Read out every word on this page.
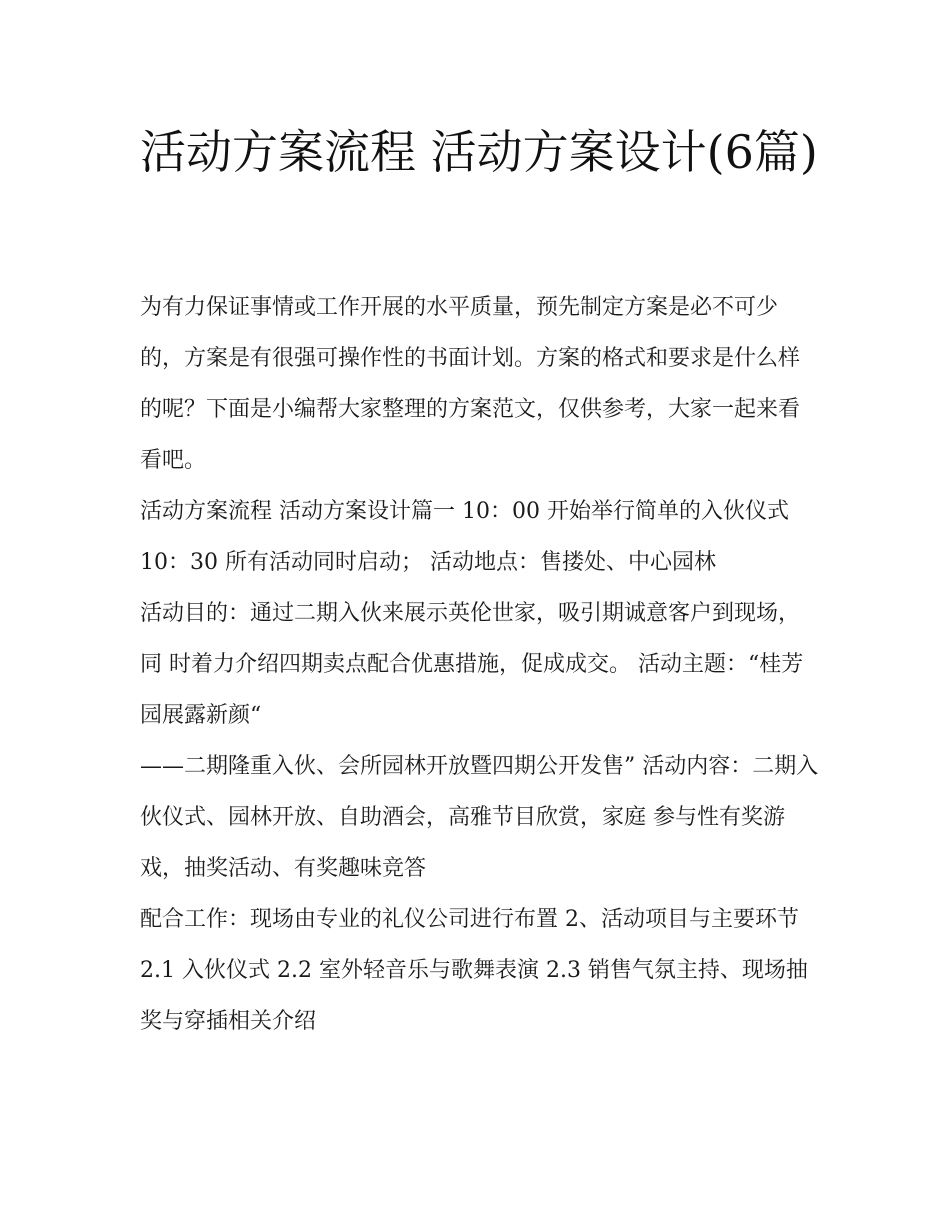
活动方案流程 活动方案设计(6篇)

为有力保证事情或工作开展的水平质量，预先制定方案是必不可少的，方案是有很强可操作性的书面计划。方案的格式和要求是什么样的呢？下面是小编帮大家整理的方案范文，仅供参考，大家一起来看看吧。

活动方案流程 活动方案设计篇一 10：00 开始举行简单的入伙仪式 10：30 所有活动同时启动； 活动地点：售搂处、中心园林

活动目的：通过二期入伙来展示英伦世家，吸引期诚意客户到现场，同 时着力介绍四期卖点配合优惠措施，促成成交。 活动主题：“桂芳园展露新颜“

——二期隆重入伙、会所园林开放暨四期公开发售” 活动内容：二期入伙仪式、园林开放、自助酒会，高雅节目欣赏，家庭 参与性有奖游戏，抽奖活动、有奖趣味竞答

配合工作：现场由专业的礼仪公司进行布置 2、活动项目与主要环节 2.1 入伙仪式 2.2 室外轻音乐与歌舞表演 2.3 销售气氛主持、现场抽奖与穿插相关介绍
